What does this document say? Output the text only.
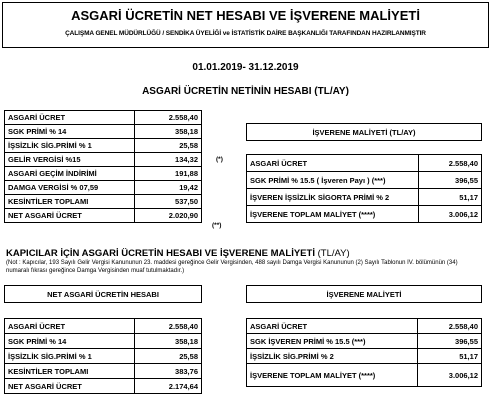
ASGARİ ÜCRETİN NET HESABI VE İŞVERENE MALİYETİ
ÇALIŞMA GENEL MÜDÜRLÜĞÜ / SENDİKA ÜYELİĞİ ve İSTATİSTİK DAİRE BAŞKANLIĞI TARAFINDAN HAZIRLANMIŞTIR
01.01.2019- 31.12.2019
ASGARİ ÜCRETİN NETİNİN HESABI (TL/AY)
ASGARİ ÜCRET	2.558,40
SGK PRİMİ % 14	358,18
İŞSİZLİK SİG.PRİMİ % 1	25,58
GELİR VERGİSİ %15	134,32
ASGARİ GEÇİM İNDİRİMİ	191,88
DAMGA VERGİSİ % 07,59	19,42
KESİNTİLER TOPLAMI	537,50
NET ASGARİ ÜCRET	2.020,90
(*)
(**)
İŞVERENE MALİYETİ (TL/AY)
ASGARİ ÜCRET	2.558,40
SGK PRİMİ % 15.5 ( İşveren Payı ) (***)	396,55
İŞVEREN İŞSİZLİK SİGORTA PRİMİ % 2	51,17
İŞVERENE TOPLAM MALİYET (****)	3.006,12
KAPICILAR İÇİN ASGARİ ÜCRETİN HESABI VE İŞVERENE MALİYETİ (TL/AY)
(Not : Kapıcılar, 193 Sayılı Gelir Vergisi Kanununun 23. maddesi gereğince Gelir Vergisinden, 488 sayılı Damga Vergisi Kanununun (2) Sayılı Tablonun IV. bölümünün (34) numaralı fıkrası gereğince Damga Vergisinden muaf tutulmaktadır.)
NET ASGARİ ÜCRETİN HESABI
ASGARİ ÜCRET	2.558,40
SGK PRİMİ % 14	358,18
İŞSİZLİK SİG.PRİMİ % 1	25,58
KESİNTİLER TOPLAMI	383,76
NET ASGARİ ÜCRET	2.174,64
İŞVERENE MALİYETİ
ASGARİ ÜCRET	2.558,40
SGK İŞVEREN PRİMİ % 15.5 (***)	396,55
İŞSİZLİK SİG.PRİMİ % 2	51,17
İŞVERENE TOPLAM MALİYET (****)	3.006,12
